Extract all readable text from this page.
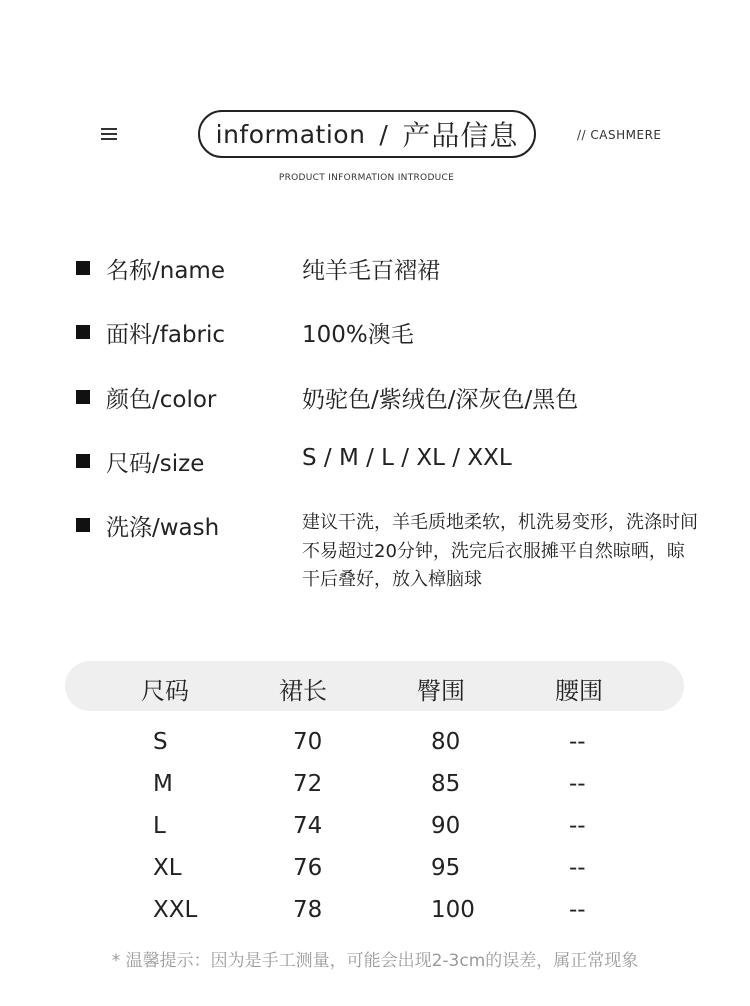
information / 产品信息	// CASHMERE
PRODUCT INFORMATION INTRODUCE
名称/name	纯羊毛百褶裙
面料/fabric	100%澳毛
颜色/color	奶驼色/紫绒色/深灰色/黑色
尺码/size	S / M / L / XL / XXL
洗涤/wash	建议干洗，羊毛质地柔软，机洗易变形，洗涤时间不易超过20分钟，洗完后衣服摊平自然晾晒，晾干后叠好，放入樟脑球
尺码	裙长	臀围	腰围
S	70	80	--
M	72	85	--
L	74	90	--
XL	76	95	--
XXL	78	100	--
* 温馨提示：因为是手工测量，可能会出现2-3cm的误差，属正常现象
